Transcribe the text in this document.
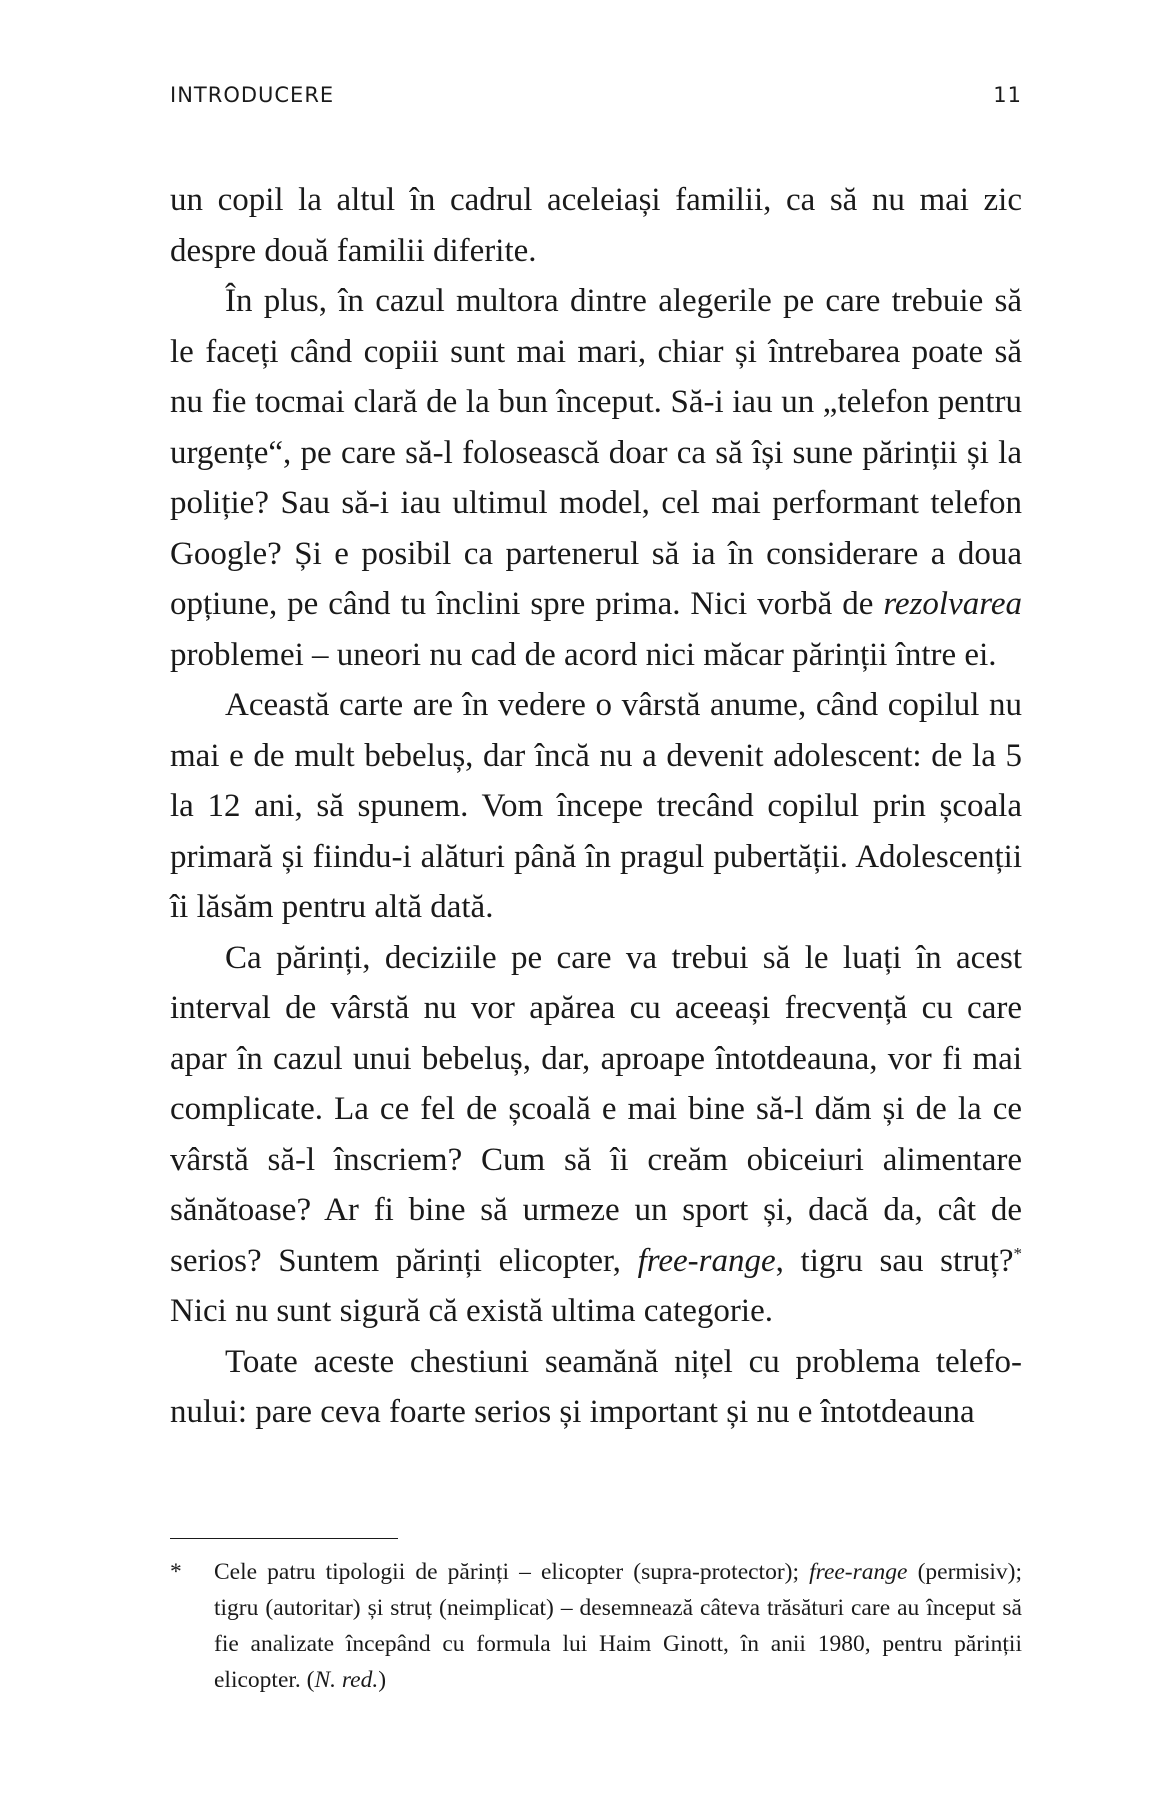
INTRODUCERE	11

un copil la altul în cadrul aceleiași familii, ca să nu mai zic despre două familii diferite.

În plus, în cazul multora dintre alegerile pe care trebuie să le faceți când copiii sunt mai mari, chiar și întrebarea poate să nu fie tocmai clară de la bun început. Să-i iau un „telefon pentru urgențe“, pe care să-l folosească doar ca să își sune părinții și la poliție? Sau să-i iau ultimul model, cel mai performant telefon Google? Și e posibil ca partenerul să ia în considerare a doua opțiune, pe când tu înclini spre prima. Nici vorbă de rezolvarea problemei – uneori nu cad de acord nici măcar părinții între ei.

Această carte are în vedere o vârstă anume, când copilul nu mai e de mult bebeluș, dar încă nu a devenit adolescent: de la 5 la 12 ani, să spunem. Vom începe trecând copilul prin școala primară și fiindu-i alături până în pragul pubertății. Adolescenții îi lăsăm pentru altă dată.

Ca părinți, deciziile pe care va trebui să le luați în acest interval de vârstă nu vor apărea cu aceeași frecvență cu care apar în cazul unui bebeluș, dar, aproape întotdeauna, vor fi mai complicate. La ce fel de școală e mai bine să-l dăm și de la ce vârstă să-l înscriem? Cum să îi creăm obiceiuri alimentare sănătoase? Ar fi bine să urmeze un sport și, dacă da, cât de serios? Suntem părinți elicopter, free-range, tigru sau struț?* Nici nu sunt sigură că există ultima categorie.

Toate aceste chestiuni seamănă nițel cu problema telefonului: pare ceva foarte serios și important și nu e întotdeauna

*	Cele patru tipologii de părinți – elicopter (supra-protector); free-range (permisiv); tigru (autoritar) și struț (neimplicat) – desemnează câteva trăsături care au început să fie analizate începând cu formula lui Haim Ginott, în anii 1980, pentru părinții elicopter. (N. red.)
